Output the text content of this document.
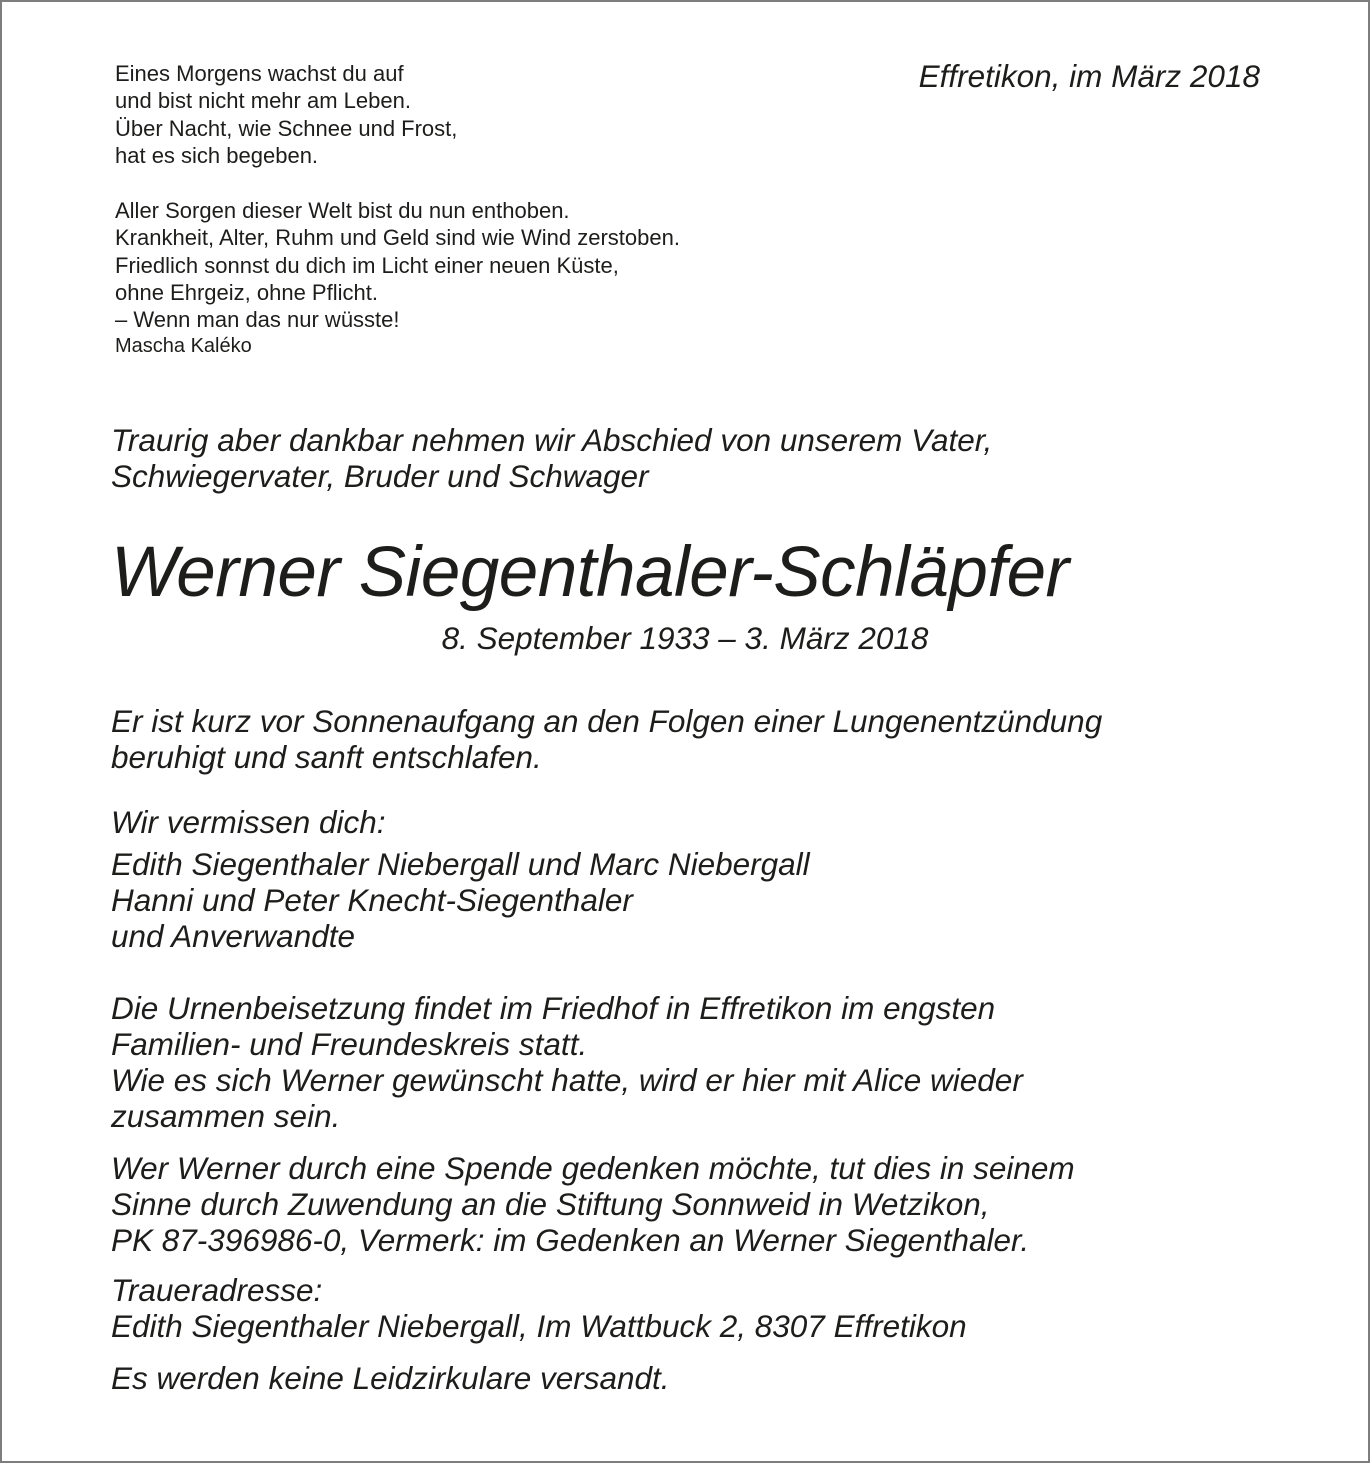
Eines Morgens wachst du auf
und bist nicht mehr am Leben.
Über Nacht, wie Schnee und Frost,
hat es sich begeben.
Aller Sorgen dieser Welt bist du nun enthoben.
Krankheit, Alter, Ruhm und Geld sind wie Wind zerstoben.
Friedlich sonnst du dich im Licht einer neuen Küste,
ohne Ehrgeiz, ohne Pflicht.
– Wenn man das nur wüsste!
Mascha Kaléko
Effretikon, im März 2018
Traurig aber dankbar nehmen wir Abschied von unserem Vater,
Schwiegervater, Bruder und Schwager
Werner Siegenthaler-Schläpfer
8. September 1933 – 3. März 2018
Er ist kurz vor Sonnenaufgang an den Folgen einer Lungenentzündung
beruhigt und sanft entschlafen.
Wir vermissen dich:
Edith Siegenthaler Niebergall und Marc Niebergall
Hanni und Peter Knecht-Siegenthaler
und Anverwandte
Die Urnenbeisetzung findet im Friedhof in Effretikon im engsten
Familien- und Freundeskreis statt.
Wie es sich Werner gewünscht hatte, wird er hier mit Alice wieder
zusammen sein.
Wer Werner durch eine Spende gedenken möchte, tut dies in seinem
Sinne durch Zuwendung an die Stiftung Sonnweid in Wetzikon,
PK 87-396986-0, Vermerk: im Gedenken an Werner Siegenthaler.
Traueradresse:
Edith Siegenthaler Niebergall, Im Wattbuck 2, 8307 Effretikon
Es werden keine Leidzirkulare versandt.
